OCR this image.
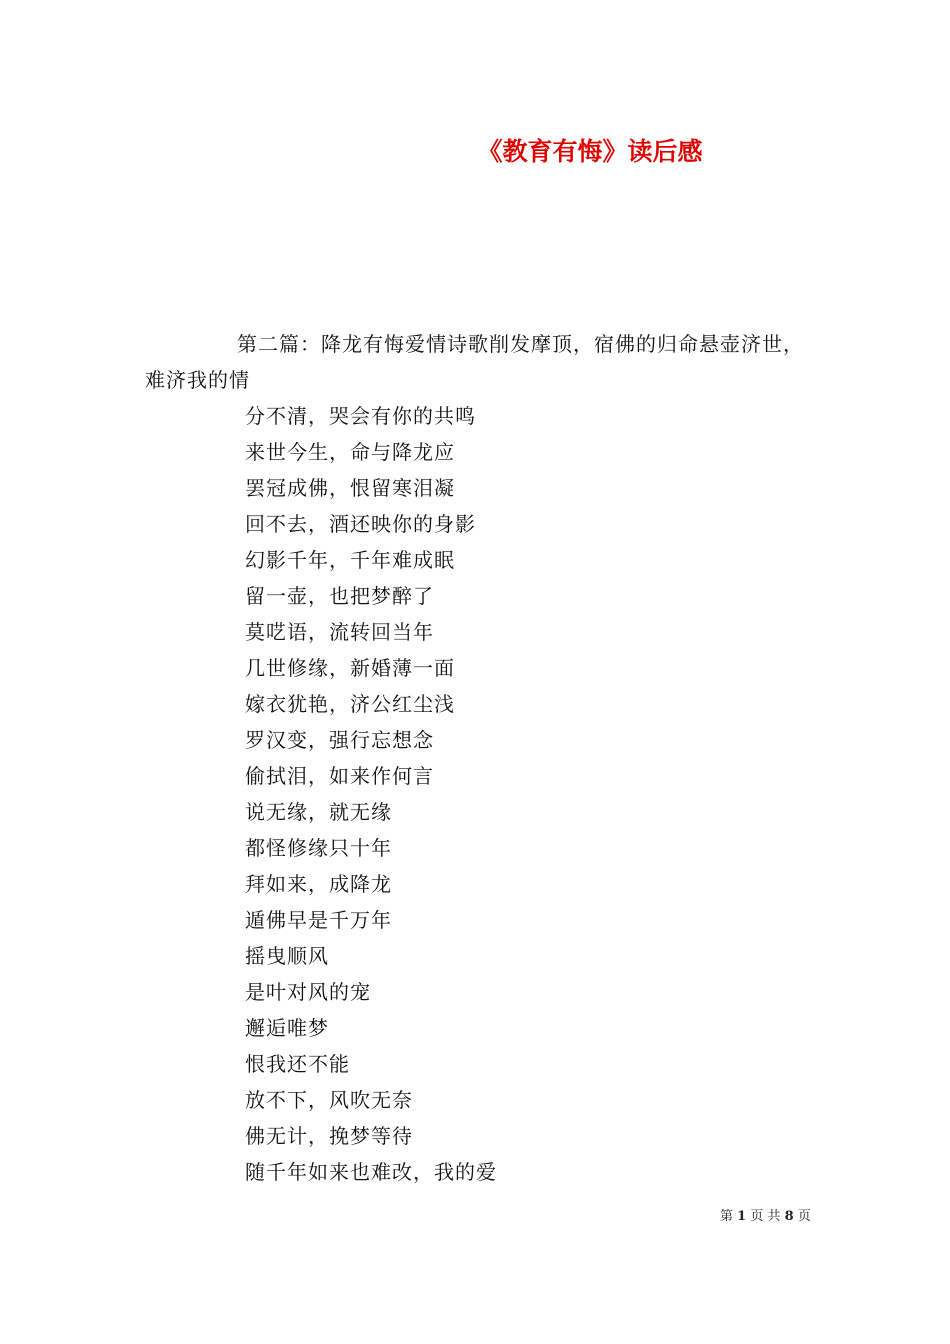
《教育有悔》读后感
第二篇：降龙有悔爱情诗歌削发摩顶，宿佛的归命悬壶济世，难济我的情
分不清，哭会有你的共鸣
来世今生，命与降龙应
罢冠成佛，恨留寒泪凝
回不去，酒还映你的身影
幻影千年，千年难成眠
留一壶，也把梦醉了
莫呓语，流转回当年
几世修缘，新婚薄一面
嫁衣犹艳，济公红尘浅
罗汉变，强行忘想念
偷拭泪，如来作何言
说无缘，就无缘
都怪修缘只十年
拜如来，成降龙
遁佛早是千万年
摇曳顺风
是叶对风的宠
邂逅唯梦
恨我还不能
放不下，风吹无奈
佛无计，挽梦等待
随千年如来也难改，我的爱
第 1 页 共 8 页
